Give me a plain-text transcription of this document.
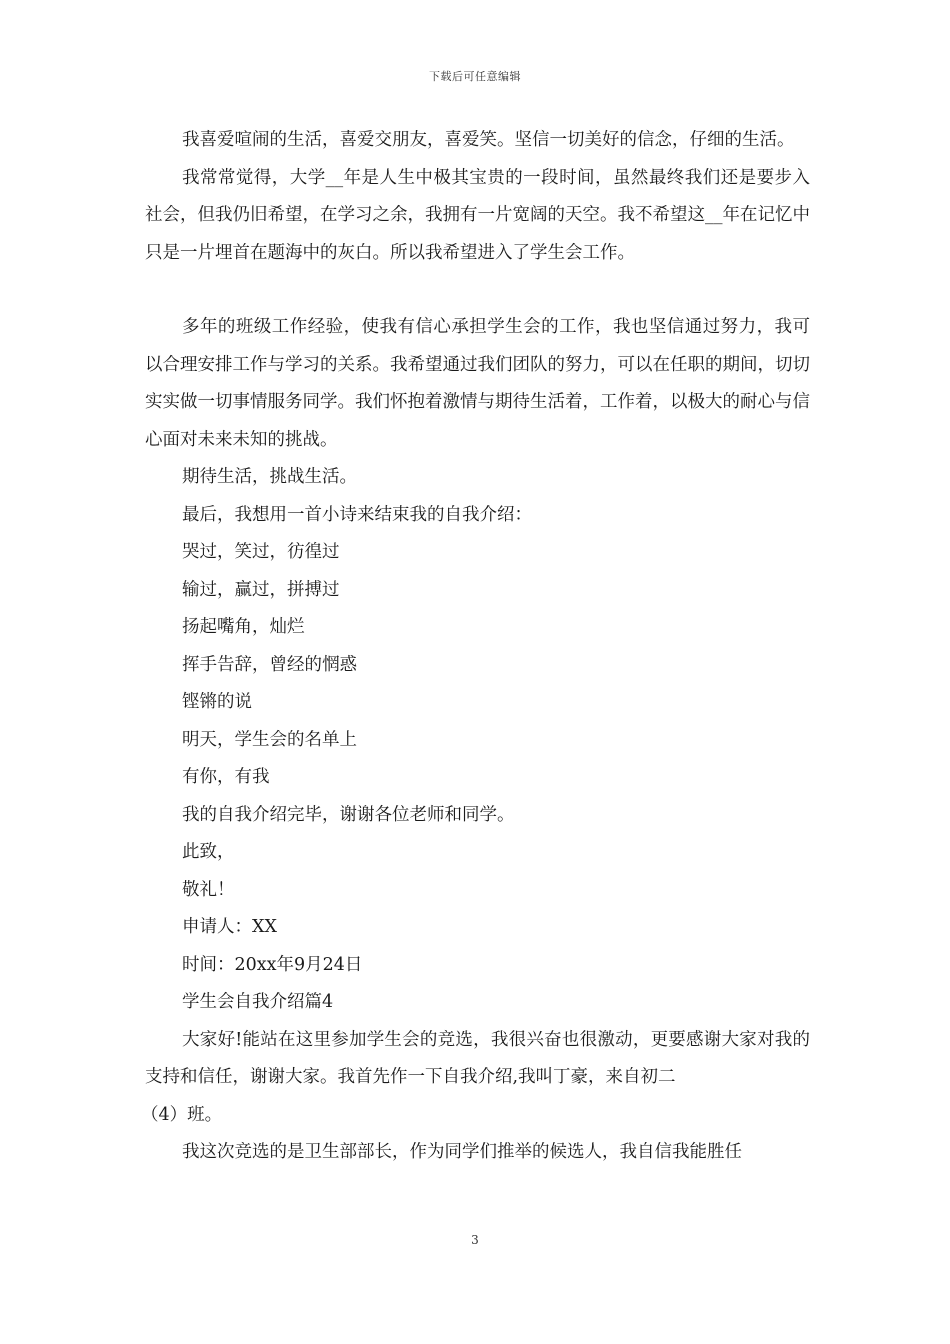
下载后可任意编辑

我喜爱喧闹的生活，喜爱交朋友，喜爱笑。坚信一切美好的信念，仔细的生活。

我常常觉得，大学__年是人生中极其宝贵的一段时间，虽然最终我们还是要步入社会，但我仍旧希望，在学习之余，我拥有一片宽阔的天空。我不希望这__年在记忆中只是一片埋首在题海中的灰白。所以我希望进入了学生会工作。

多年的班级工作经验，使我有信心承担学生会的工作，我也坚信通过努力，我可以合理安排工作与学习的关系。我希望通过我们团队的努力，可以在任职的期间，切切实实做一切事情服务同学。我们怀抱着激情与期待生活着，工作着，以极大的耐心与信心面对未来未知的挑战。

期待生活，挑战生活。

最后，我想用一首小诗来结束我的自我介绍：

哭过，笑过，彷徨过

输过，赢过，拼搏过

扬起嘴角，灿烂

挥手告辞，曾经的惘惑

铿锵的说

明天，学生会的名单上

有你，有我

我的自我介绍完毕，谢谢各位老师和同学。

此致，

敬礼！

申请人：XX

时间：20xx年9月24日

学生会自我介绍篇4

大家好!能站在这里参加学生会的竞选，我很兴奋也很激动，更要感谢大家对我的支持和信任，谢谢大家。我首先作一下自我介绍,我叫丁豪，来自初二

（4）班。

我这次竞选的是卫生部部长，作为同学们推举的候选人，我自信我能胜任

3
